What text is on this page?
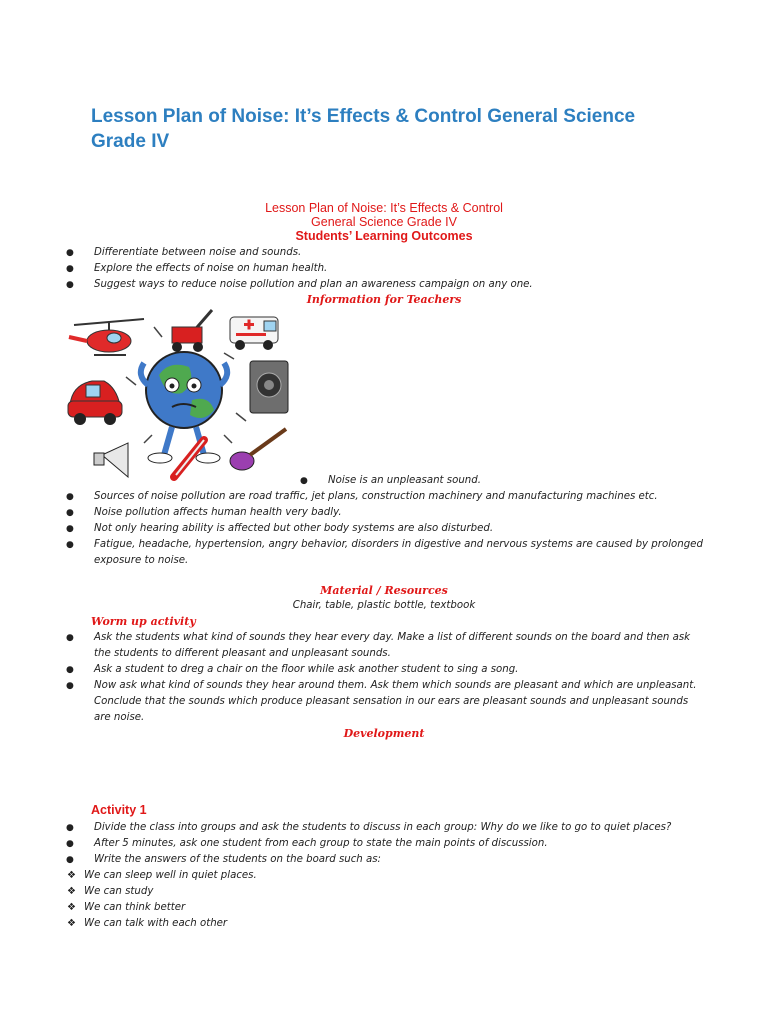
Lesson Plan of Noise: It’s Effects & Control General Science Grade IV
Lesson Plan of Noise: It’s Effects & Control
General Science Grade IV
Students’ Learning Outcomes
● Differentiate between noise and sounds.
● Explore the effects of noise on human health.
● Suggest ways to reduce noise pollution and plan an awareness campaign on any one.
Information for Teachers
● Noise is an unpleasant sound.
● Sources of noise pollution are road traffic, jet plans, construction machinery and manufacturing machines etc.
● Noise pollution affects human health very badly.
● Not only hearing ability is affected but other body systems are also disturbed.
● Fatigue, headache, hypertension, angry behavior, disorders in digestive and nervous systems are caused by prolonged exposure to noise.
Material / Resources
Chair, table, plastic bottle, textbook
Worm up activity
● Ask the students what kind of sounds they hear every day. Make a list of different sounds on the board and then ask the students to different pleasant and unpleasant sounds.
● Ask a student to dreg a chair on the floor while ask another student to sing a song.
● Now ask what kind of sounds they hear around them. Ask them which sounds are pleasant and which are unpleasant. Conclude that the sounds which produce pleasant sensation in our ears are pleasant sounds and unpleasant sounds are noise.
Development
Activity 1
● Divide the class into groups and ask the students to discuss in each group: Why do we like to go to quiet places?
● After 5 minutes, ask one student from each group to state the main points of discussion.
● Write the answers of the students on the board such as:
❖ We can sleep well in quiet places.
❖ We can study
❖ We can think better
❖ We can talk with each other
